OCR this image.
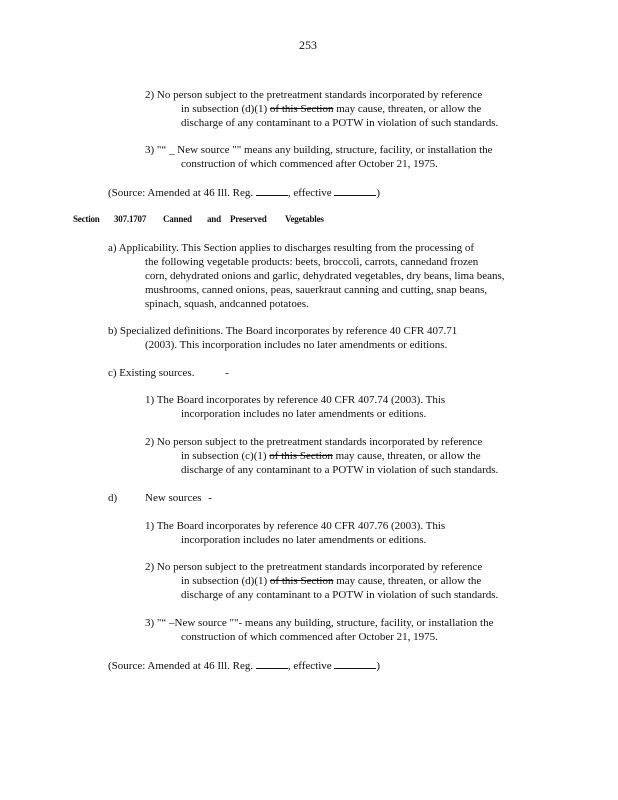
253
2) No person subject to the pretreatment standards incorporated by reference
in subsection (d)(1) of this Section may cause, threaten, or allow the
discharge of any contaminant to a POTW in violation of such standards.
3) "“ _ New source "" means any building, structure, facility, or installation the
construction of which commenced after October 21, 1975.
(Source: Amended at 46 Ill. Reg.	, effective	)
Section 307.1707 Canned and Preserved Vegetables
a) Applicability. This Section applies to discharges resulting from the processing of
the following vegetable products: beets, broccoli, carrots, cannedand frozen
corn, dehydrated onions and garlic, dehydrated vegetables, dry beans, lima beans,
mushrooms, canned onions, peas, sauerkraut canning and cutting, snap beans,
spinach, squash, andcanned potatoes.
b) Specialized definitions. The Board incorporates by reference 40 CFR 407.71
(2003). This incorporation includes no later amendments or editions.
c) Existing sources.	-
1) The Board incorporates by reference 40 CFR 407.74 (2003). This
incorporation includes no later amendments or editions.
2) No person subject to the pretreatment standards incorporated by reference
in subsection (c)(1) of this Section may cause, threaten, or allow the
discharge of any contaminant to a POTW in violation of such standards.
d)	New sources -
1) The Board incorporates by reference 40 CFR 407.76 (2003). This
incorporation includes no later amendments or editions.
2) No person subject to the pretreatment standards incorporated by reference
in subsection (d)(1) of this Section may cause, threaten, or allow the
discharge of any contaminant to a POTW in violation of such standards.
3) "“ –New source ""- means any building, structure, facility, or installation the
construction of which commenced after October 21, 1975.
(Source: Amended at 46 Ill. Reg.	, effective	)
